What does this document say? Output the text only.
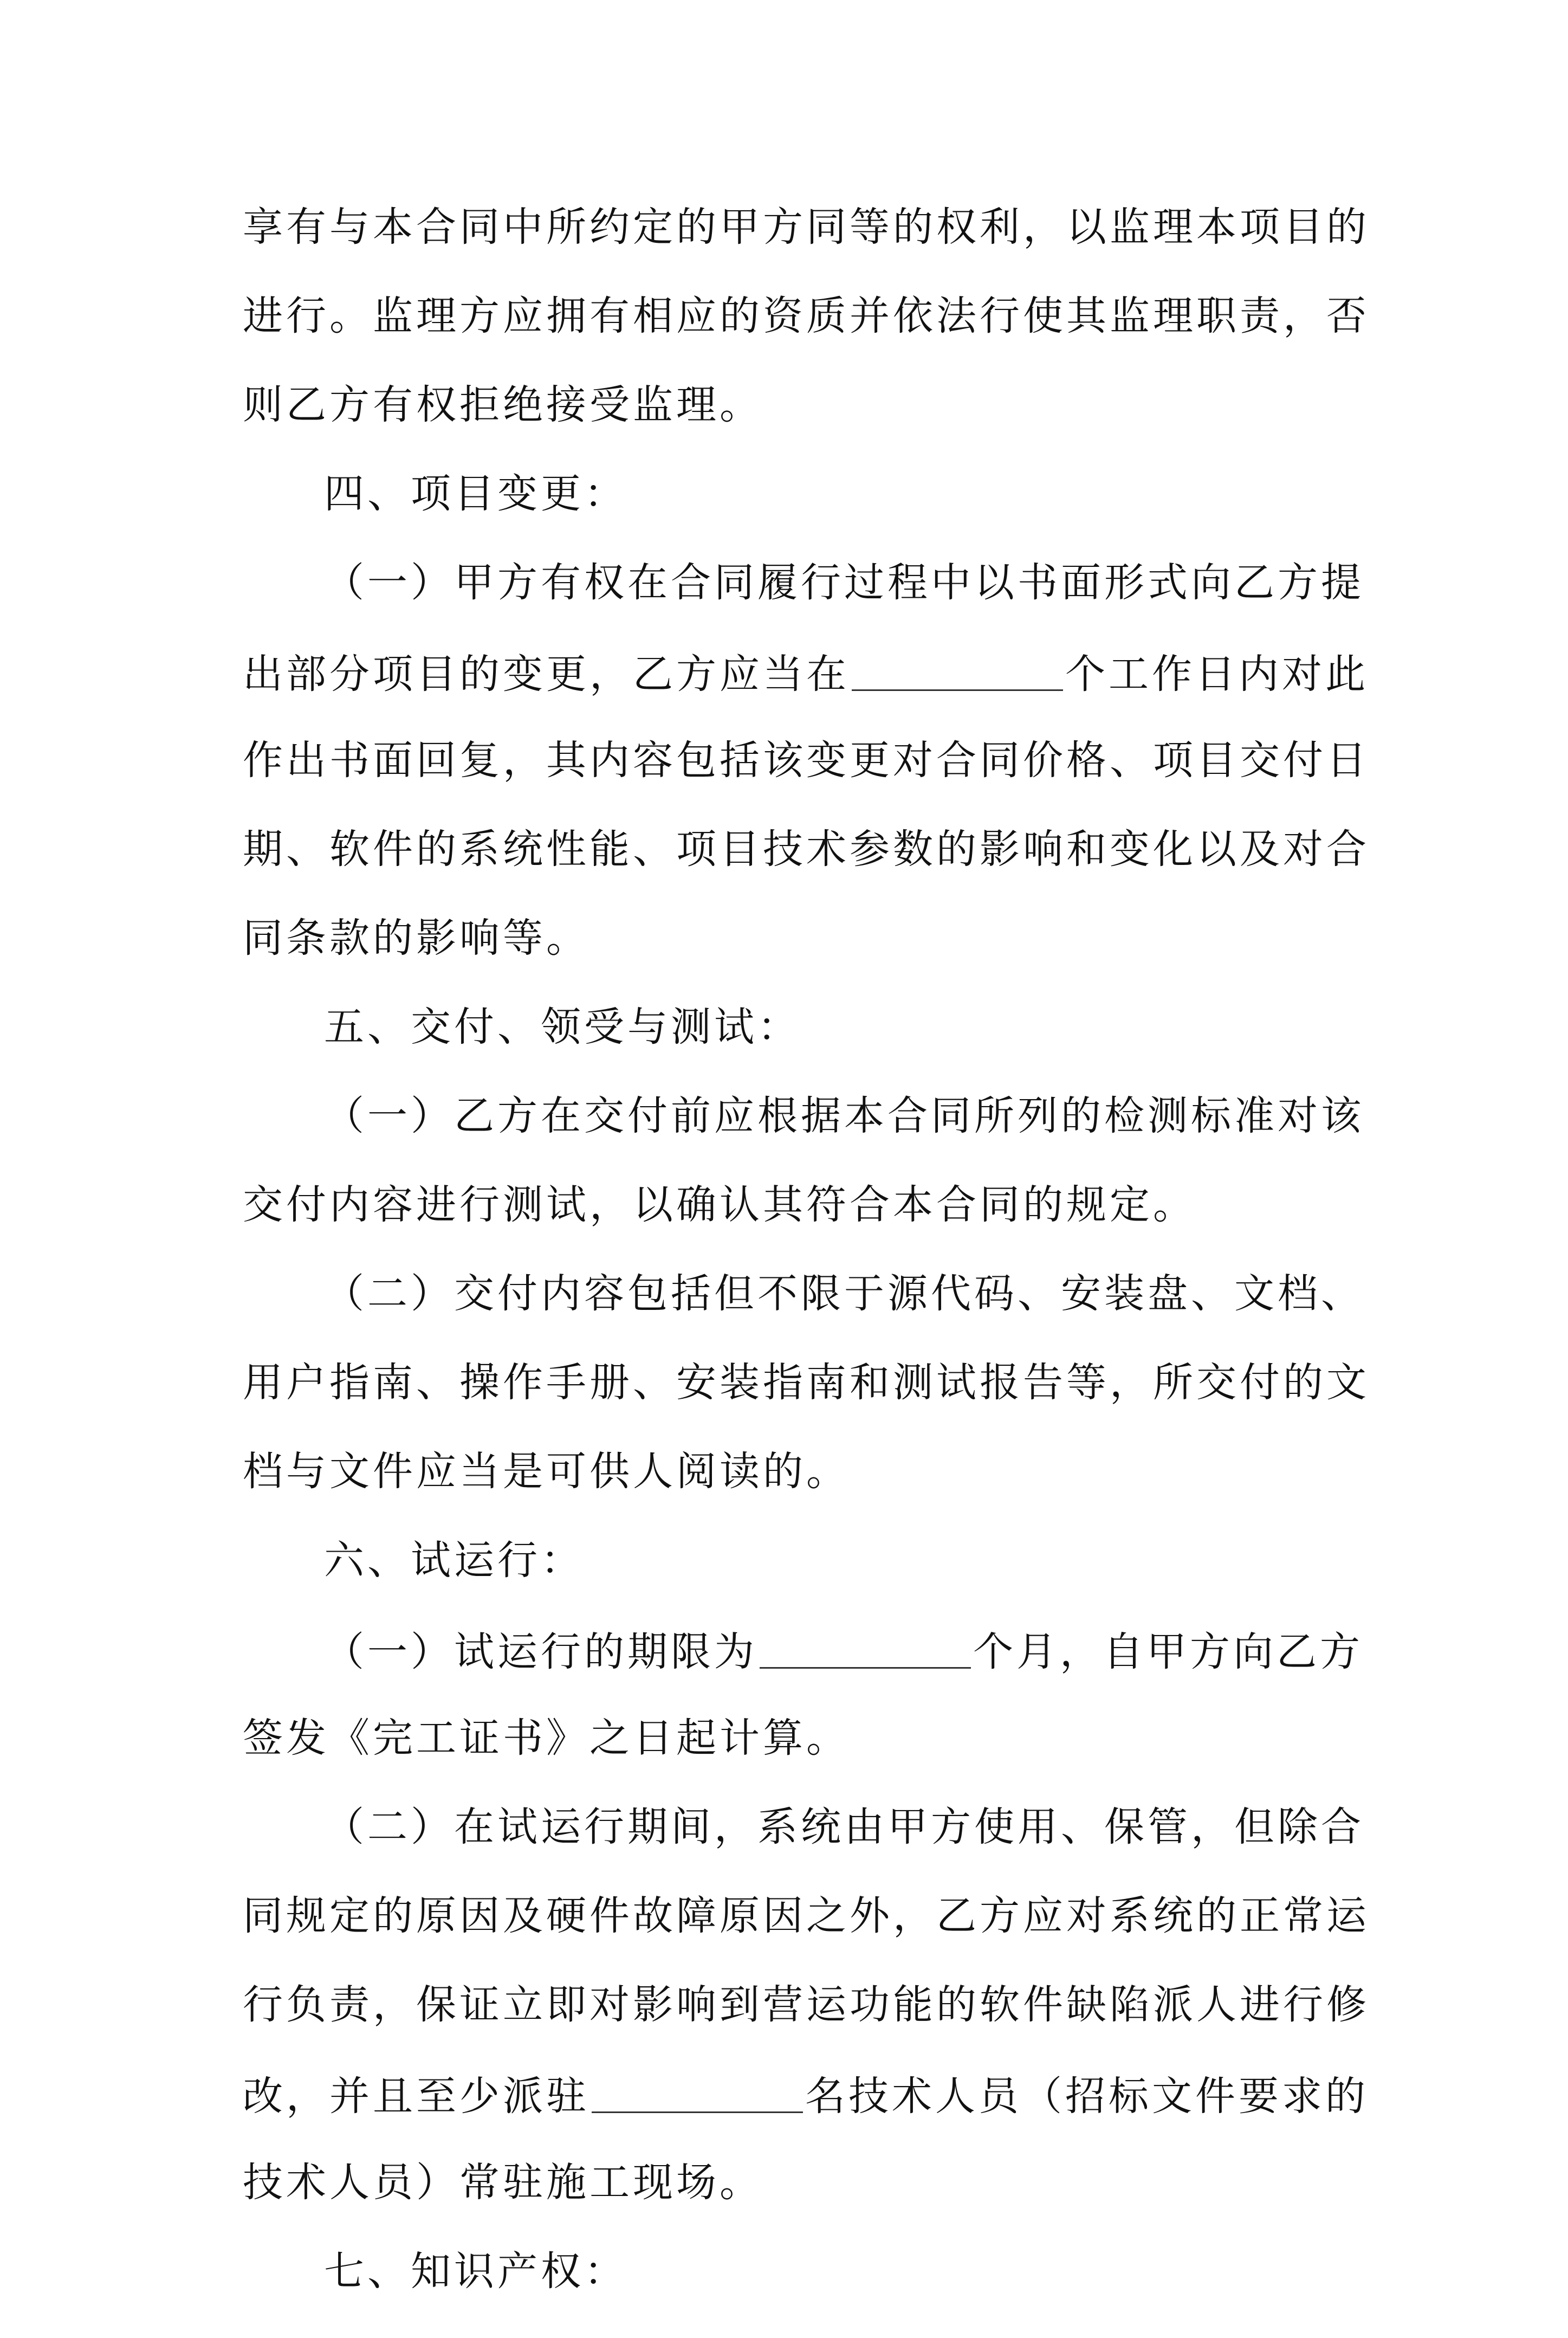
享有与本合同中所约定的甲方同等的权利，以监理本项目的
进行。监理方应拥有相应的资质并依法行使其监理职责，否
则乙方有权拒绝接受监理。
四、项目变更：
（一）甲方有权在合同履行过程中以书面形式向乙方提
出部分项目的变更，乙方应当在	个工作日内对此
作出书面回复，其内容包括该变更对合同价格、项目交付日
期、软件的系统性能、项目技术参数的影响和变化以及对合
同条款的影响等。
五、交付、领受与测试：
（一）乙方在交付前应根据本合同所列的检测标准对该
交付内容进行测试，以确认其符合本合同的规定。
（二）交付内容包括但不限于源代码、安装盘、文档、
用户指南、操作手册、安装指南和测试报告等，所交付的文
档与文件应当是可供人阅读的。
六、试运行：
（一）试运行的期限为	个月，自甲方向乙方
签发《完工证书》之日起计算。
（二）在试运行期间，系统由甲方使用、保管，但除合
同规定的原因及硬件故障原因之外，乙方应对系统的正常运
行负责，保证立即对影响到营运功能的软件缺陷派人进行修
改，并且至少派驻	名技术人员（招标文件要求的
技术人员）常驻施工现场。
七、知识产权：
